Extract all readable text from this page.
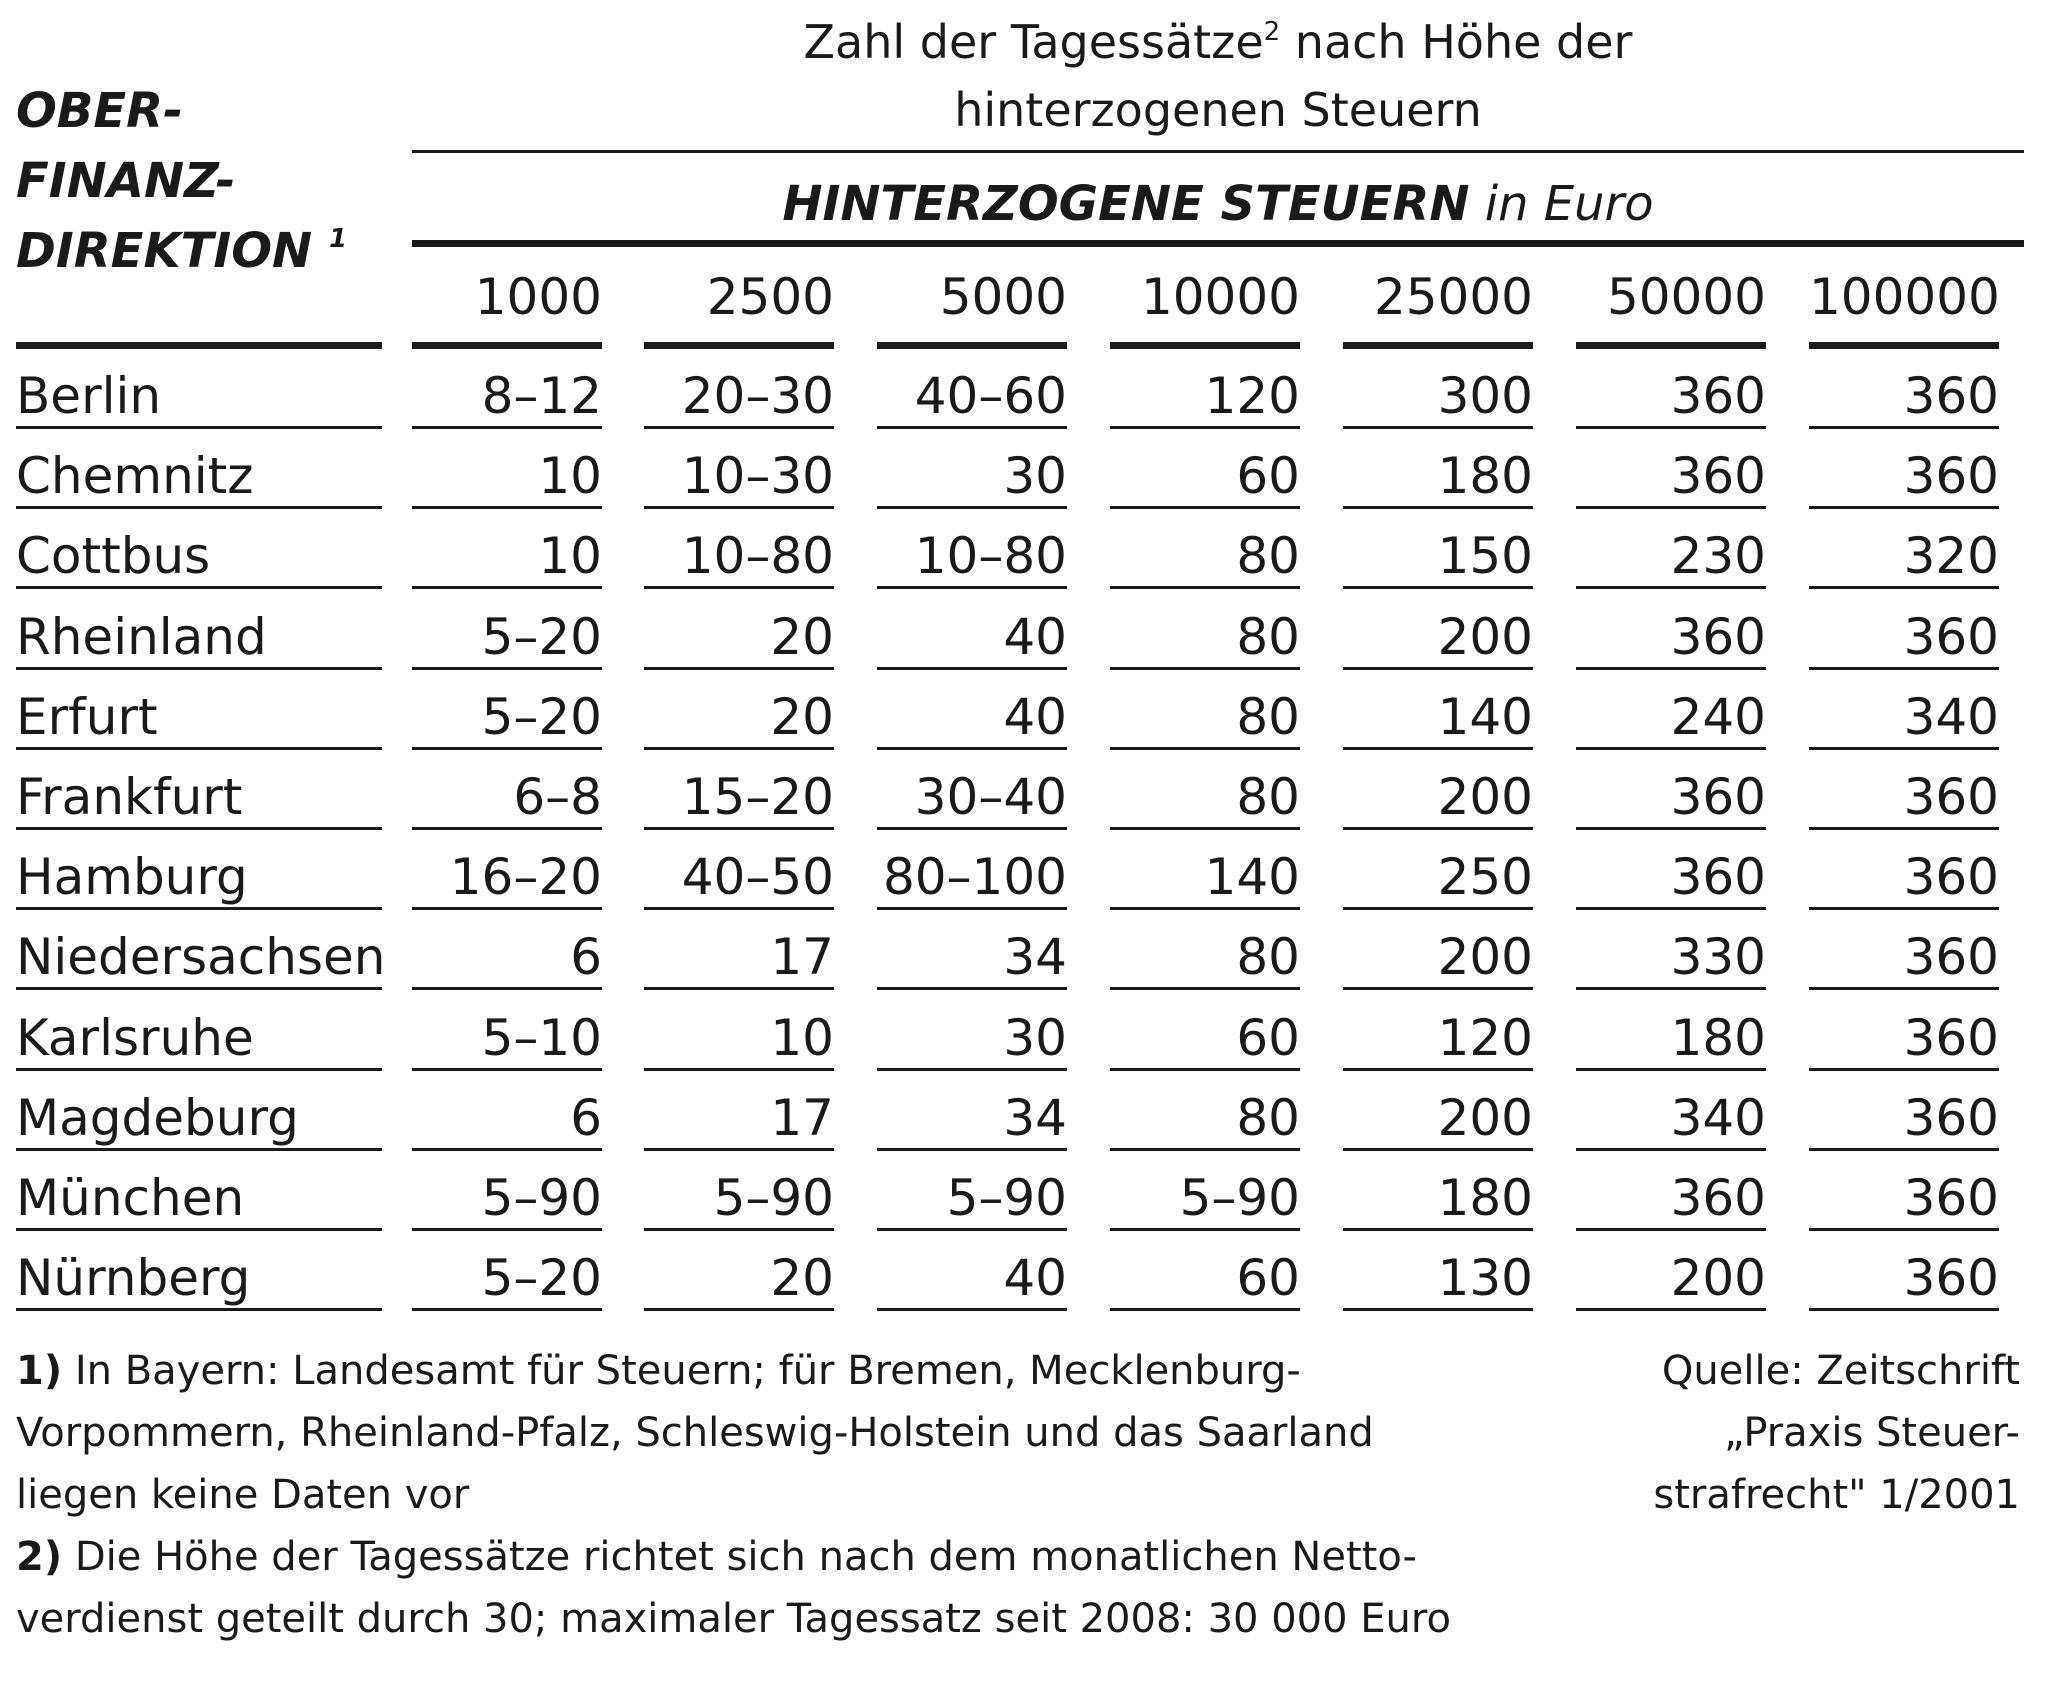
Zahl der Tagessätze$^2$ nach Höhe der
hinterzogenen Steuern
OBER-
FINANZ-
DIREKTION $^1$
HINTERZOGENE STEUERN in Euro
1000	2500	5000	10000	25000	50000 100000
Berlin	8–12	20–30	40–60	120	300	360	360
Chemnitz	10	10–30	30	60	180	360	360
Cottbus	10	10–80	10–80	80	150	230	320
Rheinland	5–20	20	40	80	200	360	360
Erfurt	5–20	20	40	80	140	240	340
Frankfurt	6–8	15–20	30–40	80	200	360	360
Hamburg	16–20	40–50 80–100	140	250	360	360
Niedersachsen	6	17	34	80	200	330	360
Karlsruhe	5–10	10	30	60	120	180	360
Magdeburg	6	17	34	80	200	340	360
München	5–90	5–90	5–90	5–90	180	360	360
Nürnberg	5–20	20	40	60	130	200	360
1) In Bayern: Landesamt für Steuern; für Bremen, Mecklenburg-
Vorpommern, Rheinland-Pfalz, Schleswig-Holstein und das Saarland
liegen keine Daten vor
2) Die Höhe der Tagessätze richtet sich nach dem monatlichen Netto-
verdienst geteilt durch 30; maximaler Tagessatz seit 2008: 30 000 Euro
Quelle: Zeitschrift
„Praxis Steuer-
strafrecht" 1/2001
